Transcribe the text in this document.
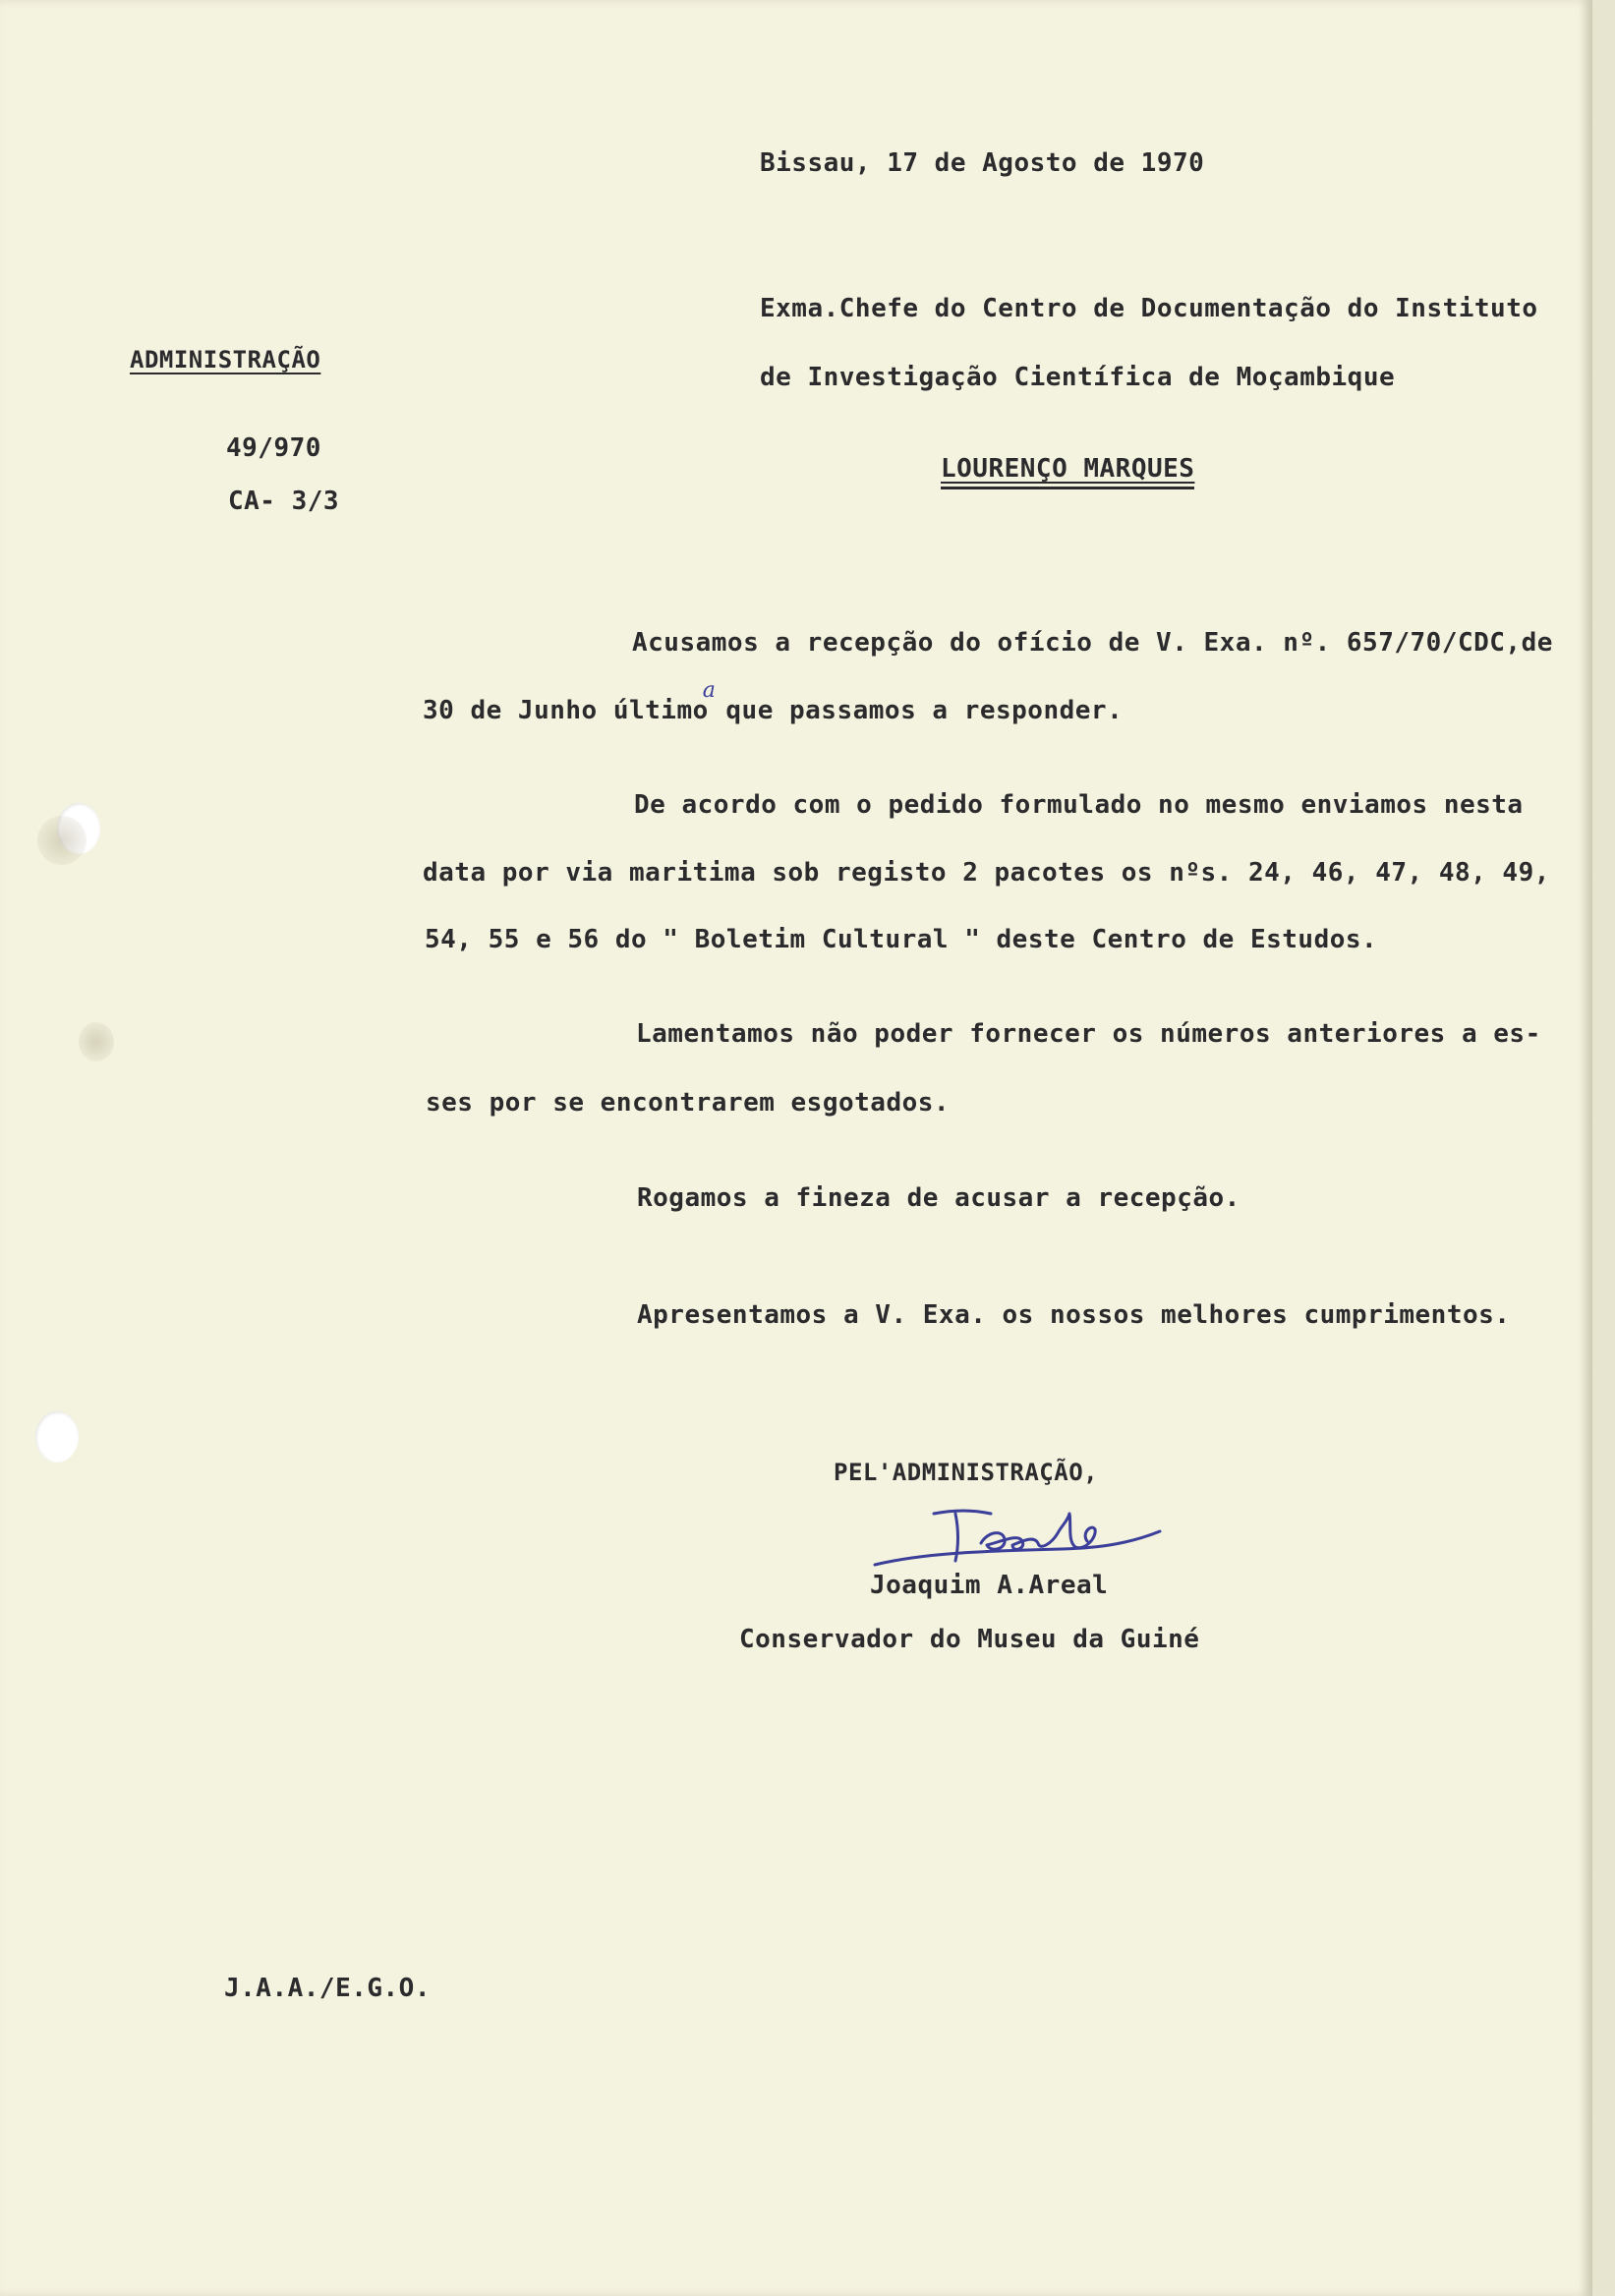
Bissau, 17 de Agosto de 1970
ADMINISTRAÇÃO
49/970
CA- 3/3
Exma.Chefe do Centro de Documentação do Instituto
de Investigação Científica de Moçambique
LOURENÇO MARQUES
Acusamos a recepção do ofício de V. Exa. nº. 657/70/CDC,de
30 de Junho último$^a$que passamos a responder.
De acordo com o pedido formulado no mesmo enviamos nesta
data por via maritima sob registo 2 pacotes os nºs. 24, 46, 47, 48, 49,
54, 55 e 56 do " Boletim Cultural " deste Centro de Estudos.
Lamentamos não poder fornecer os números anteriores a es-
ses por se encontrarem esgotados.
Rogamos a fineza de acusar a recepção.
Apresentamos a V. Exa. os nossos melhores cumprimentos.
PEL'ADMINISTRAÇÃO,
Joaquim A.Areal
Conservador do Museu da Guiné
J.A.A./E.G.O.
